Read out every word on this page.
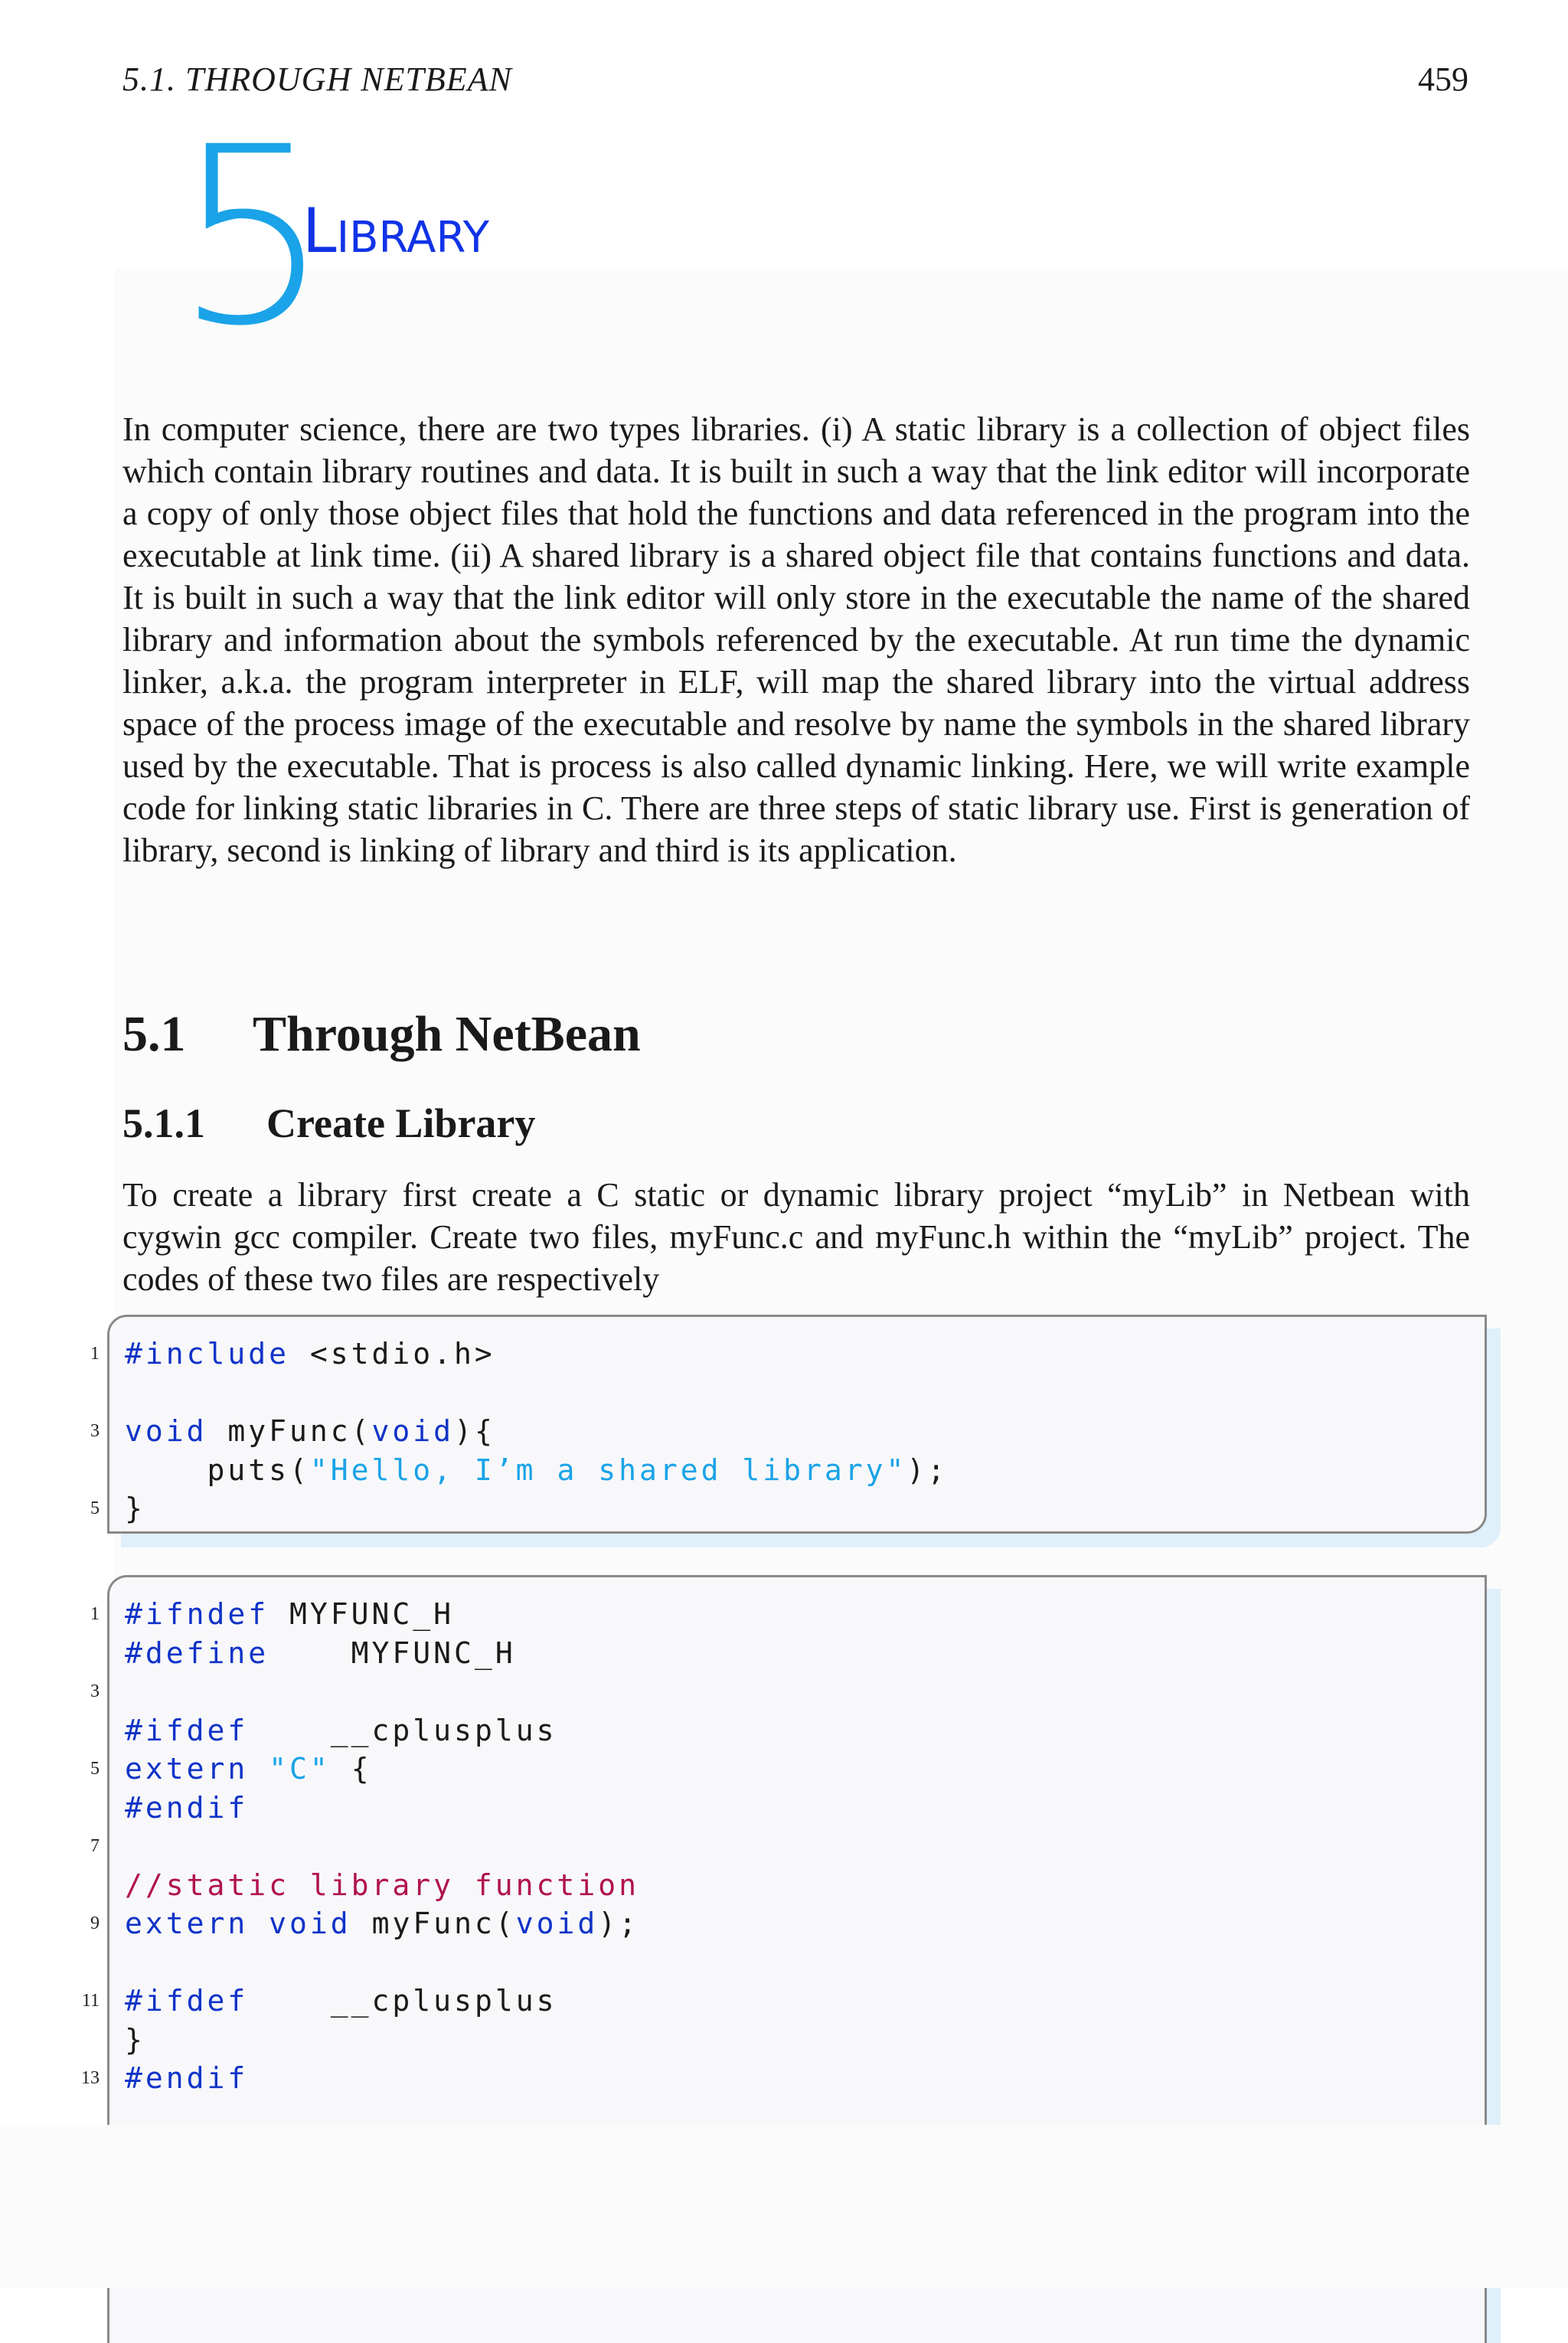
5.1. THROUGH NETBEAN	459
5
Library

In computer science, there are two types libraries. (i) A static library is a collection of object files which contain library routines and data. It is built in such a way that the link editor will incorporate a copy of only those object files that hold the functions and data referenced in the program into the executable at link time. (ii) A shared library is a shared object file that contains functions and data. It is built in such a way that the link editor will only store in the executable the name of the shared library and information about the symbols referenced by the executable. At run time the dynamic linker, a.k.a. the program interpreter in ELF, will map the shared library into the virtual address space of the process image of the executable and resolve by name the symbols in the shared library used by the executable. That is process is also called dynamic linking. Here, we will write example code for linking static libraries in C. There are three steps of static library use. First is generation of library, second is linking of library and third is its application.

5.1 Through NetBean
5.1.1 Create Library

To create a library first create a C static or dynamic library project “myLib” in Netbean with cygwin gcc compiler. Create two files, myFunc.c and myFunc.h within the “myLib” project. The codes of these two files are respectively

#include <stdio.h>
void myFunc(void){
puts("Hello, I’m a shared library");
}
#ifndef MYFUNC_H
#define    MYFUNC_H
#ifdef    __cplusplus
extern "C" {
#endif
//static library function
extern void myFunc(void);
#ifdef    __cplusplus
}
#endif
1
3
5
1
3
5
7
9
11
13
